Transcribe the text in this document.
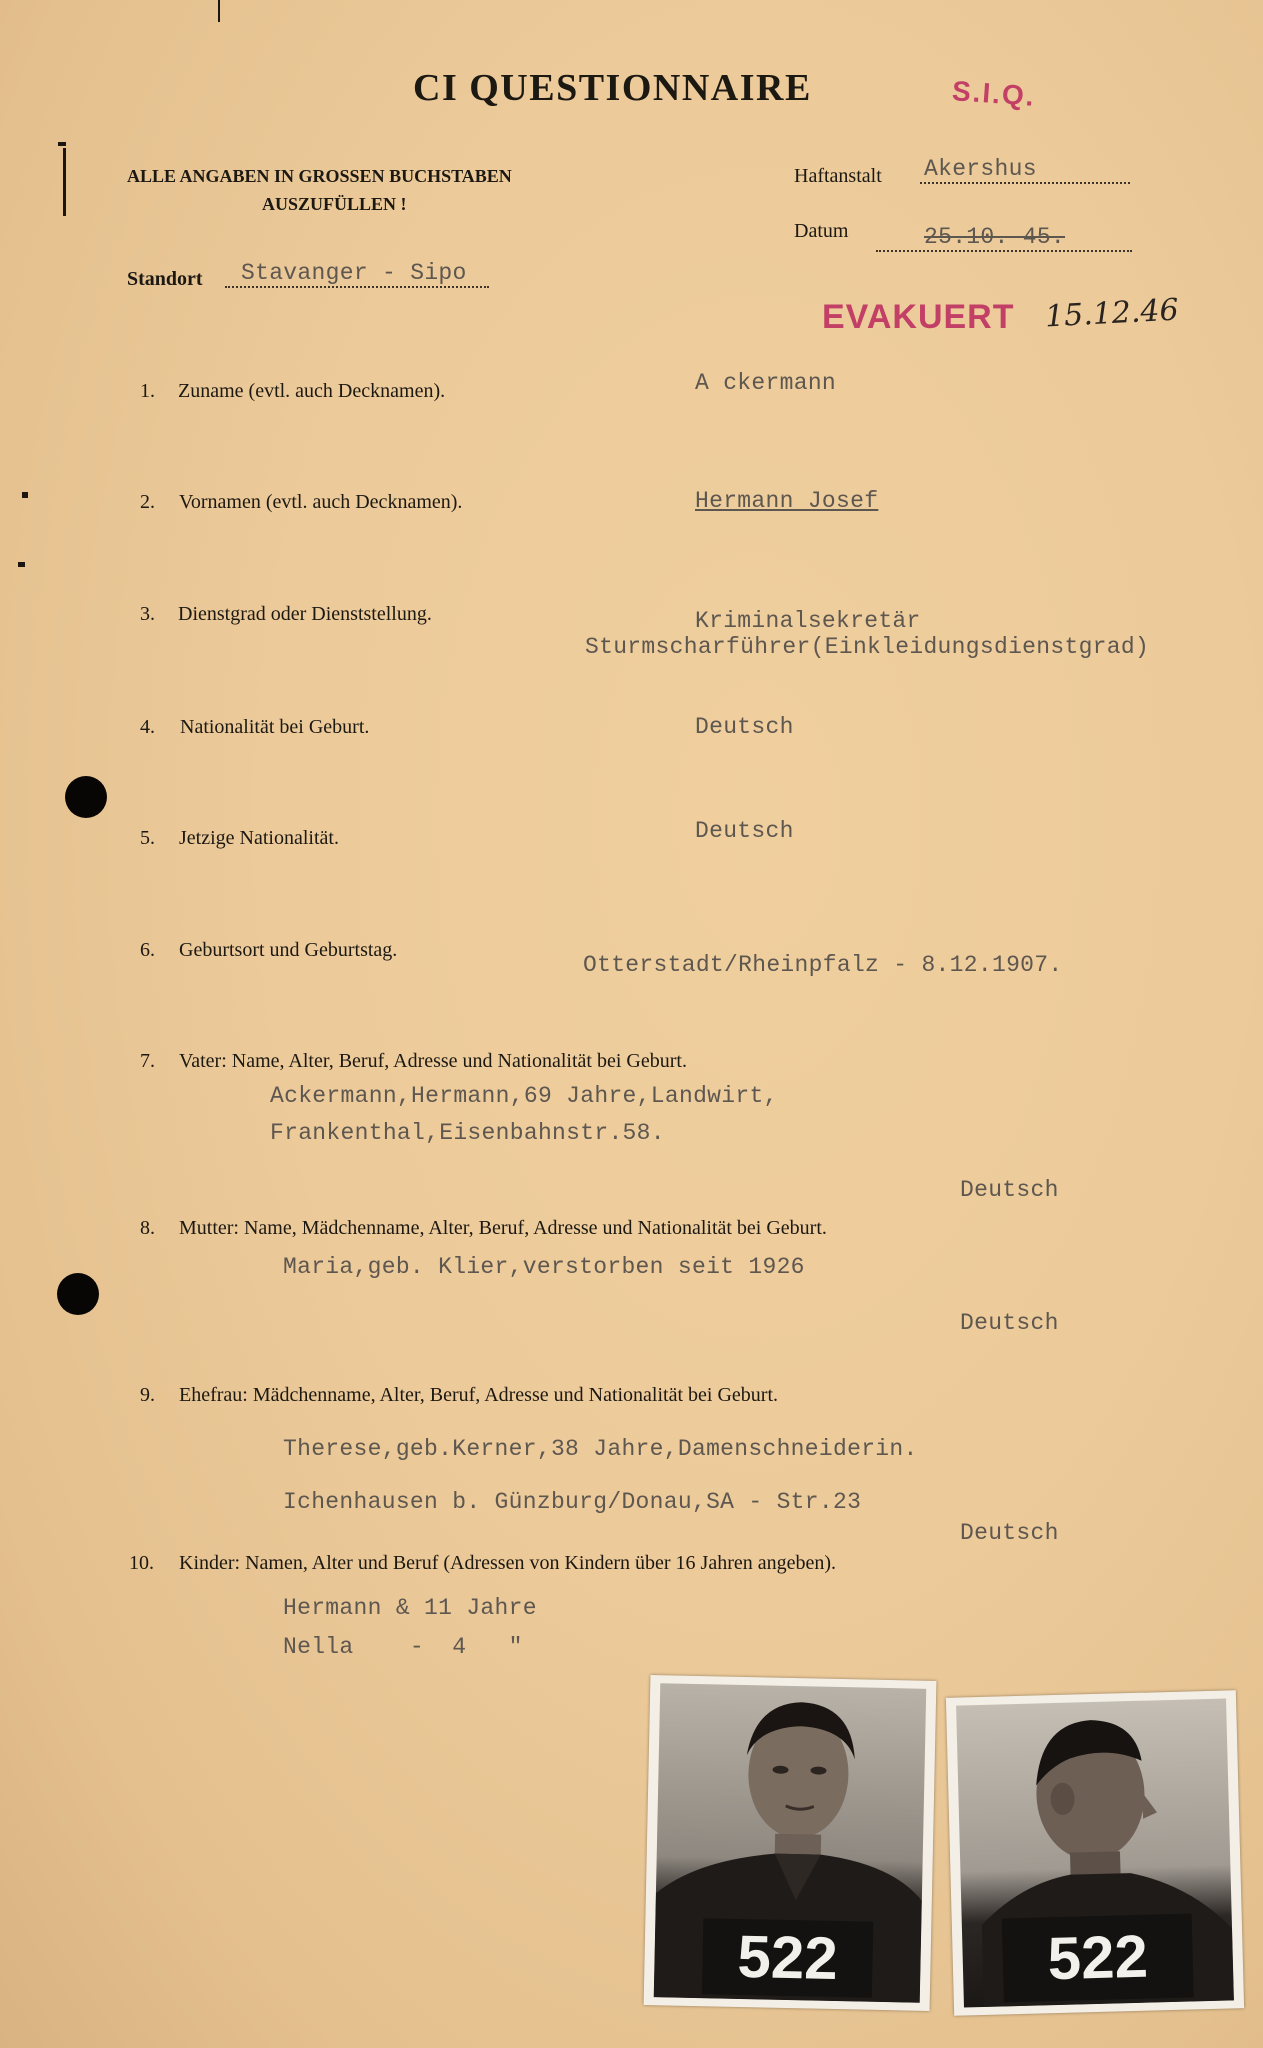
CI QUESTIONNAIRE
ALLE ANGABEN IN GROSSEN BUCHSTABEN
AUSZUFÜLLEN !
Standort	Stavanger - Sipo
Haftanstalt Akershus
Datum	25.10. 45.
S.I.Q.
EVAKUERT 15.12.46
1. Zuname (evtl. auch Decknamen).	A ckermann
2. Vornamen (evtl. auch Decknamen).	Hermann Josef
3. Dienstgrad oder Dienststellung.	Kriminalsekretär
Sturmscharführer(Einkleidungsdienstgrad)
4. Nationalität bei Geburt.	Deutsch
5. Jetzige Nationalität.	Deutsch
6. Geburtsort und Geburtstag.
Otterstadt/Rheinpfalz - 8.12.1907.
7. Vater: Name, Alter, Beruf, Adresse und Nationalität bei Geburt.
Ackermann,Hermann,69 Jahre,Landwirt,
Frankenthal,Eisenbahnstr.58.
Deutsch
8. Mutter: Name, Mädchenname, Alter, Beruf, Adresse und Nationalität bei Geburt.
Maria,geb. Klier,verstorben seit 1926
Deutsch
9. Ehefrau: Mädchenname, Alter, Beruf, Adresse und Nationalität bei Geburt.
Therese,geb.Kerner,38 Jahre,Damenschneiderin.
Ichenhausen b. Günzburg/Donau,SA - Str.23
Deutsch
10. Kinder: Namen, Alter und Beruf (Adressen von Kindern über 16 Jahren angeben).
Hermann & 11 Jahre
Nella    -  4   "
522	522
